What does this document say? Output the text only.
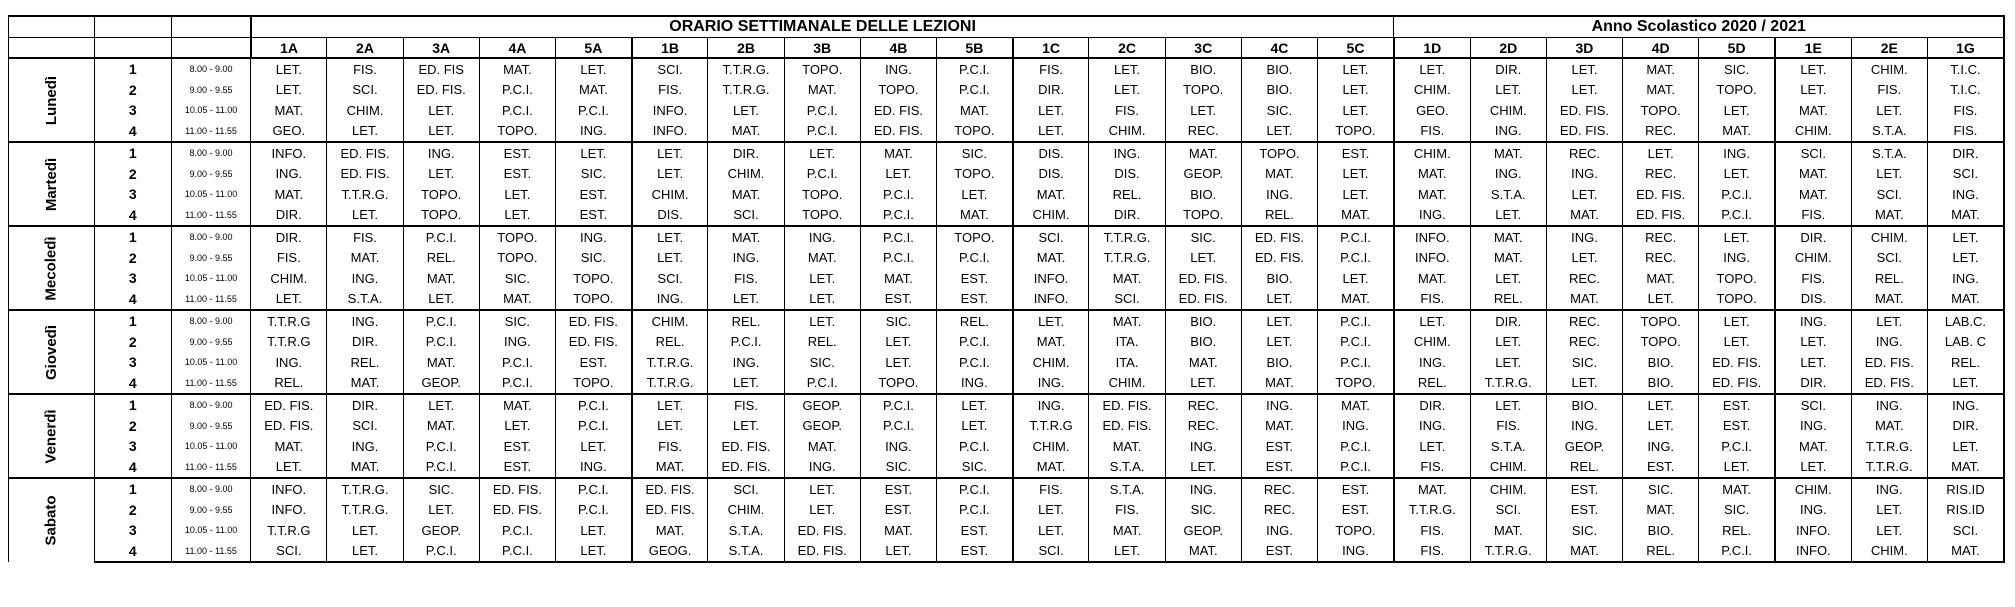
			ORARIO SETTIMANALE DELLE LEZIONI															Anno Scolastico 2020 / 2021							
			1A	2A	3A	4A	5A	1B	2B	3B	4B	5B	1C	2C	3C	4C	5C	1D	2D	3D	4D	5D	1E	2E	1G
Lunedì	1	8.00 - 9.00	LET.	FIS.	ED. FIS	MAT.	LET.	SCI.	T.T.R.G.	TOPO.	ING.	P.C.I.	FIS.	LET.	BIO.	BIO.	LET.	LET.	DIR.	LET.	MAT.	SIC.	LET.	CHIM.	T.I.C.
	2	9.00 - 9.55	LET.	SCI.	ED. FIS.	P.C.I.	MAT.	FIS.	T.T.R.G.	MAT.	TOPO.	P.C.I.	DIR.	LET.	TOPO.	BIO.	LET.	CHIM.	LET.	LET.	MAT.	TOPO.	LET.	FIS.	T.I.C.
	3	10.05 - 11.00	MAT.	CHIM.	LET.	P.C.I.	P.C.I.	INFO.	LET.	P.C.I.	ED. FIS.	MAT.	LET.	FIS.	LET.	SIC.	LET.	GEO.	CHIM.	ED. FIS.	TOPO.	LET.	MAT.	LET.	FIS.
	4	11.00 - 11.55	GEO.	LET.	LET.	TOPO.	ING.	INFO.	MAT.	P.C.I.	ED. FIS.	TOPO.	LET.	CHIM.	REC.	LET.	TOPO.	FIS.	ING.	ED. FIS.	REC.	MAT.	CHIM.	S.T.A.	FIS.
Martedì	1	8.00 - 9.00	INFO.	ED. FIS.	ING.	EST.	LET.	LET.	DIR.	LET.	MAT.	SIC.	DIS.	ING.	MAT.	TOPO.	EST.	CHIM.	MAT.	REC.	LET.	ING.	SCI.	S.T.A.	DIR.
	2	9.00 - 9.55	ING.	ED. FIS.	LET.	EST.	SIC.	LET.	CHIM.	P.C.I.	LET.	TOPO.	DIS.	DIS.	GEOP.	MAT.	LET.	MAT.	ING.	ING.	REC.	LET.	MAT.	LET.	SCI.
	3	10.05 - 11.00	MAT.	T.T.R.G.	TOPO.	LET.	EST.	CHIM.	MAT.	TOPO.	P.C.I.	LET.	MAT.	REL.	BIO.	ING.	LET.	MAT.	S.T.A.	LET.	ED. FIS.	P.C.I.	MAT.	SCI.	ING.
	4	11.00 - 11.55	DIR.	LET.	TOPO.	LET.	EST.	DIS.	SCI.	TOPO.	P.C.I.	MAT.	CHIM.	DIR.	TOPO.	REL.	MAT.	ING.	LET.	MAT.	ED. FIS.	P.C.I.	FIS.	MAT.	MAT.
Mecoledì	1	8.00 - 9.00	DIR.	FIS.	P.C.I.	TOPO.	ING.	LET.	MAT.	ING.	P.C.I.	TOPO.	SCI.	T.T.R.G.	SIC.	ED. FIS.	P.C.I.	INFO.	MAT.	ING.	REC.	LET.	DIR.	CHIM.	LET.
	2	9.00 - 9.55	FIS.	MAT.	REL.	TOPO.	SIC.	LET.	ING.	MAT.	P.C.I.	P.C.I.	MAT.	T.T.R.G.	LET.	ED. FIS.	P.C.I.	INFO.	MAT.	LET.	REC.	ING.	CHIM.	SCI.	LET.
	3	10.05 - 11.00	CHIM.	ING.	MAT.	SIC.	TOPO.	SCI.	FIS.	LET.	MAT.	EST.	INFO.	MAT.	ED. FIS.	BIO.	LET.	MAT.	LET.	REC.	MAT.	TOPO.	FIS.	REL.	ING.
	4	11.00 - 11.55	LET.	S.T.A.	LET.	MAT.	TOPO.	ING.	LET.	LET.	EST.	EST.	INFO.	SCI.	ED. FIS.	LET.	MAT.	FIS.	REL.	MAT.	LET.	TOPO.	DIS.	MAT.	MAT.
Giovedì	1	8.00 - 9.00	T.T.R.G	ING.	P.C.I.	SIC.	ED. FIS.	CHIM.	REL.	LET.	SIC.	REL.	LET.	MAT.	BIO.	LET.	P.C.I.	LET.	DIR.	REC.	TOPO.	LET.	ING.	LET.	LAB.C.
	2	9.00 - 9.55	T.T.R.G	DIR.	P.C.I.	ING.	ED. FIS.	REL.	P.C.I.	REL.	LET.	P.C.I.	MAT.	ITA.	BIO.	LET.	P.C.I.	CHIM.	LET.	REC.	TOPO.	LET.	LET.	ING.	LAB. C
	3	10.05 - 11.00	ING.	REL.	MAT.	P.C.I.	EST.	T.T.R.G.	ING.	SIC.	LET.	P.C.I.	CHIM.	ITA.	MAT.	BIO.	P.C.I.	ING.	LET.	SIC.	BIO.	ED. FIS.	LET.	ED. FIS.	REL.
	4	11.00 - 11.55	REL.	MAT.	GEOP.	P.C.I.	TOPO.	T.T.R.G.	LET.	P.C.I.	TOPO.	ING.	ING.	CHIM.	LET.	MAT.	TOPO.	REL.	T.T.R.G.	LET.	BIO.	ED. FIS.	DIR.	ED. FIS.	LET.
Venerdì	1	8.00 - 9.00	ED. FIS.	DIR.	LET.	MAT.	P.C.I.	LET.	FIS.	GEOP.	P.C.I.	LET.	ING.	ED. FIS.	REC.	ING.	MAT.	DIR.	LET.	BIO.	LET.	EST.	SCI.	ING.	ING.
	2	9.00 - 9.55	ED. FIS.	SCI.	MAT.	LET.	P.C.I.	LET.	LET.	GEOP.	P.C.I.	LET.	T.T.R.G	ED. FIS.	REC.	MAT.	ING.	ING.	FIS.	ING.	LET.	EST.	ING.	MAT.	DIR.
	3	10.05 - 11.00	MAT.	ING.	P.C.I.	EST.	LET.	FIS.	ED. FIS.	MAT.	ING.	P.C.I.	CHIM.	MAT.	ING.	EST.	P.C.I.	LET.	S.T.A.	GEOP.	ING.	P.C.I.	MAT.	T.T.R.G.	LET.
	4	11.00 - 11.55	LET.	MAT.	P.C.I.	EST.	ING.	MAT.	ED. FIS.	ING.	SIC.	SIC.	MAT.	S.T.A.	LET.	EST.	P.C.I.	FIS.	CHIM.	REL.	EST.	LET.	LET.	T.T.R.G.	MAT.
Sabato	1	8.00 - 9.00	INFO.	T.T.R.G.	SIC.	ED. FIS.	P.C.I.	ED. FIS.	SCI.	LET.	EST.	P.C.I.	FIS.	S.T.A.	ING.	REC.	EST.	MAT.	CHIM.	EST.	SIC.	MAT.	CHIM.	ING.	RIS.ID
	2	9.00 - 9.55	INFO.	T.T.R.G.	LET.	ED. FIS.	P.C.I.	ED. FIS.	CHIM.	LET.	EST.	P.C.I.	LET.	FIS.	SIC.	REC.	EST.	T.T.R.G.	SCI.	EST.	MAT.	SIC.	ING.	LET.	RIS.ID
	3	10.05 - 11.00	T.T.R.G	LET.	GEOP.	P.C.I.	LET.	MAT.	S.T.A.	ED. FIS.	MAT.	EST.	LET.	MAT.	GEOP.	ING.	TOPO.	FIS.	MAT.	SIC.	BIO.	REL.	INFO.	LET.	SCI.
	4	11.00 - 11.55	SCI.	LET.	P.C.I.	P.C.I.	LET.	GEOG.	S.T.A.	ED. FIS.	LET.	EST.	SCI.	LET.	MAT.	EST.	ING.	FIS.	T.T.R.G.	MAT.	REL.	P.C.I.	INFO.	CHIM.	MAT.
